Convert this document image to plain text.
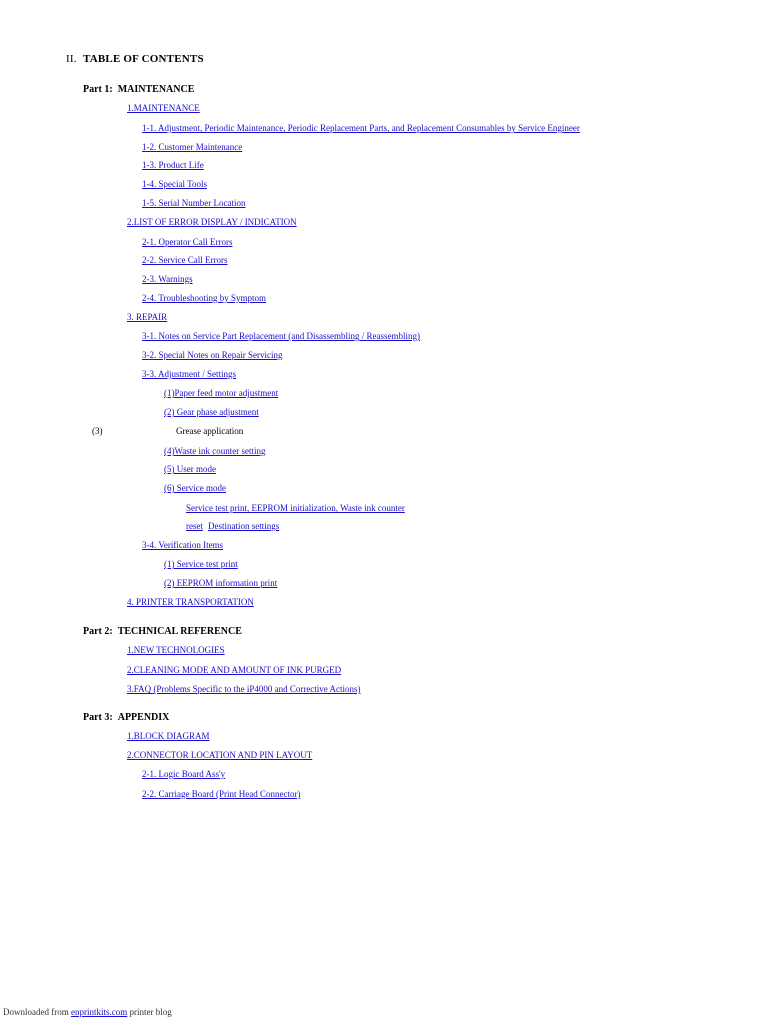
II. TABLE OF CONTENTS
Part 1: MAINTENANCE
1.MAINTENANCE
1-1. Adjustment, Periodic Maintenance, Periodic Replacement Parts, and Replacement Consumables by Service Engineer
1-2. Customer Maintenance
1-3. Product Life
1-4. Special Tools
1-5. Serial Number Location
2.LIST OF ERROR DISPLAY / INDICATION
2-1. Operator Call Errors
2-2. Service Call Errors
2-3. Warnings
2-4. Troubleshooting by Symptom
3. REPAIR
3-1. Notes on Service Part Replacement (and Disassembling / Reassembling)
3-2. Special Notes on Repair Servicing
3-3. Adjustment / Settings
(1)Paper feed motor adjustment
(2) Gear phase adjustment
(3)	Grease application
(4)Waste ink counter setting
(5) User mode
(6) Service mode
Service test print, EEPROM initialization, Waste ink counter
reset Destination settings
3-4. Verification Items
(1) Service test print
(2) EEPROM information print
4. PRINTER TRANSPORTATION
Part 2: TECHNICAL REFERENCE
1.NEW TECHNOLOGIES
2.CLEANING MODE AND AMOUNT OF INK PURGED
3.FAQ (Problems Specific to the iP4000 and Corrective Actions)
Part 3: APPENDIX
1.BLOCK DIAGRAM
2.CONNECTOR LOCATION AND PIN LAYOUT
2-1. Logic Board Ass'y
2-2. Carriage Board (Print Head Connector)
Downloaded from enprintkits.com printer blog
